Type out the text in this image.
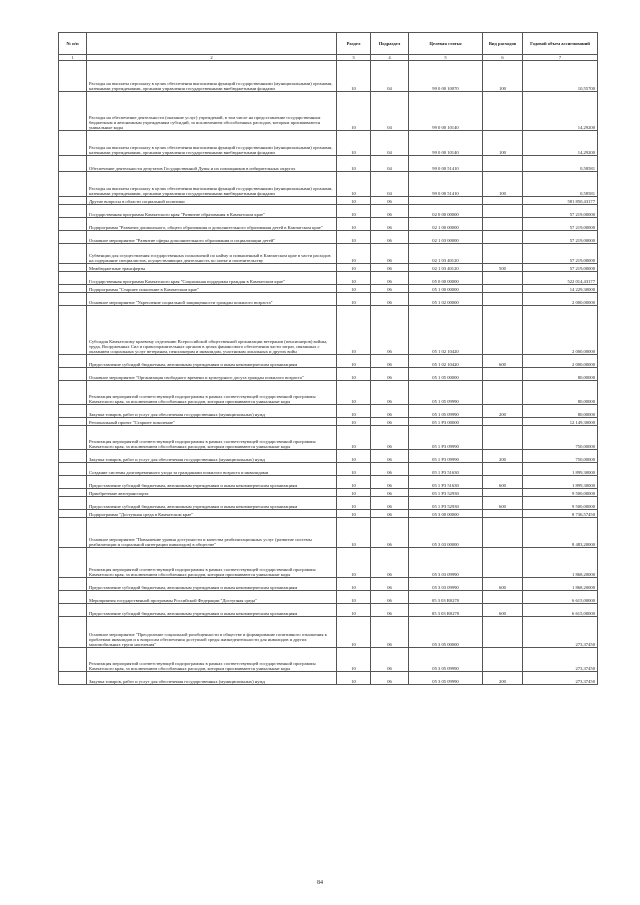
№ п/п		Раздел	Подраздел	Целевая статья	Вид расходов	Годовой объем ассигнований
1	2	3	4	5	6	7
	Расходы на выплаты персоналу в целях обеспечения выполнения функций государственными (муниципальными) органами, казенными учреждениями, органами управления государственными внебюджетными фондами	10	04	99 0 00 10070	100	10,55700
	Расходы на обеспечение деятельности (оказание услуг) учреждений, в том числе на предоставление государственным бюджетным и автономным учреждениям субсидий, за исключением обособленных расходов, которым присваиваются уникальные коды	10	04	99 0 00 10140		14,29200
	Расходы на выплаты персоналу в целях обеспечения выполнения функций государственными (муниципальными) органами, казенными учреждениями, органами управления государственными внебюджетными фондами	10	04	99 0 00 10140	100	14,29200
	Обеспечение деятельности депутатов Государственной Думы и их помощников в избирательных округах	10	04	99 0 00 51410		0,58581
	Расходы на выплаты персоналу в целях обеспечения выполнения функций государственными (муниципальными) органами, казенными учреждениями, органами управления государственными внебюджетными фондами	10	04	99 0 00 51410	100	0,58581
	Другие вопросы в области социальной политики	10	06			581 850,43177
	Государственная программа Камчатского края "Развитие образования в Камчатском крае"	10	06	02 0 00 00000		57 219,00000
	Подпрограмма "Развитие дошкольного, общего образования и дополнительного образования детей в Камчатском крае"	10	06	02 1 00 00000		57 219,00000
	Основное мероприятие "Развитие сферы дополнительного образования и социализации детей"	10	06	02 1 03 00000		57 219,00000
	Субвенции для осуществления государственных полномочий по найму и повышенный в Камчатском крае в части расходов на содержание специалистов, осуществляющих деятельность по опеке и попечительству	10	06	02 1 03 40120		57 219,00000
	Межбюджетные трансферты	10	06	02 1 03 40120	500	57 219,00000
	Государственная программа Камчатского края "Социальная поддержка граждан в Камчатском крае"	10	06	05 0 00 00000		522 014,43177
	Подпрограмма "Старшее поколение в Камчатском крае"	10	06	05 1 00 00000		14 229,30000
	Основное мероприятие "Укрепление социальной защищенности граждан пожилого возраста"	10	06	05 1 02 00000		2 000,00000
	Субсидия Камчатскому краевому отделению Всероссийской общественной организации ветеранов (пенсионеров) войны, труда, Вооруженных Сил и правоохранительных органов в целях финансового обеспечения части затрат, связанных с оказанием социальных услуг ветеранам, пенсионерам и инвалидам, участникам локальных и других войн	10	06	05 1 02 10420		2 000,00000
	Предоставление субсидий бюджетным, автономным учреждениям и иным некоммерческим организациям	10	06	05 1 02 10420	600	2 000,00000
	Основное мероприятие "Организация свободного времени и культурного досуга граждан пожилого возраста"	10	06	05 1 05 00000		80,00000
	Реализация мероприятий соответствующей подпрограммы в рамках соответствующей государственной программы Камчатского края, за исключением обособленных расходов, которым присваиваются уникальные коды	10	06	05 1 05 09990		80,00000
	Закупка товаров, работ и услуг для обеспечения государственных (муниципальных) нужд	10	06	05 1 05 09990	200	80,00000
	Региональный проект "Старшее поколение"	10	06	05 1 P3 00000		12 149,30000
	Реализация мероприятий соответствующей подпрограммы в рамках соответствующей государственной программы Камчатского края, за исключением обособленных расходов, которым присваиваются уникальные коды	10	06	05 1 P3 09990		750,00000
	Закупка товаров, работ и услуг для обеспечения государственных (муниципальных) нужд	10	06	05 1 P3 09990	200	750,00000
	Создание системы долговременного ухода за гражданами пожилого возраста и инвалидами	10	06	05 1 P3 51630		1 899,30000
	Предоставление субсидий бюджетным, автономным учреждениям и иным некоммерческим организациям	10	06	05 1 P3 51630	600	1 899,30000
	Приобретение автотранспорта	10	06	05 1 P3 52930		9 500,00000
	Предоставление субсидий бюджетным, автономным учреждениям и иным некоммерческим организациям	10	06	05 1 P3 52930	600	9 500,00000
	Подпрограмма "Доступная среда в Камчатском крае"	10	06	05 3 00 00000		8 736,57450
	Основное мероприятие "Повышение уровня доступности и качества реабилитационных услуг (развитие системы реабилитации и социальной интеграции инвалидов) в обществе"	10	06	05 3 03 00000		8 483,20000
	Реализация мероприятий соответствующей подпрограммы в рамках соответствующей государственной программы Камчатского края, за исключением обособленных расходов, которым присваиваются уникальные коды	10	06	05 3 03 09990		1 868,20000
	Предоставление субсидий бюджетным, автономным учреждениям и иным некоммерческим организациям	10	06	05 3 03 09990	600	1 868,20000
	Мероприятия государственной программы Российской Федерации "Доступная среда"	10	06	05 3 03 R0270		6 615,00000
	Предоставление субсидий бюджетным, автономным учреждениям и иным некоммерческим организациям	10	06	05 3 03 R0270	600	6 615,00000
	Основное мероприятие "Преодоление социальной разобщенности в обществе и формирование позитивного отношения к проблемам инвалидов и к вопросам обеспечения доступной среды жизнедеятельности для инвалидов и других маломобильных групп населения"	10	06	05 3 05 00000		273,37450
	Реализация мероприятий соответствующей подпрограммы в рамках соответствующей государственной программы Камчатского края, за исключением обособленных расходов, которым присваиваются уникальные коды	10	06	05 3 05 09990		273,37450
	Закупка товаров, работ и услуг для обеспечения государственных (муниципальных) нужд	10	06	05 3 05 09990	200	273,37450
84
